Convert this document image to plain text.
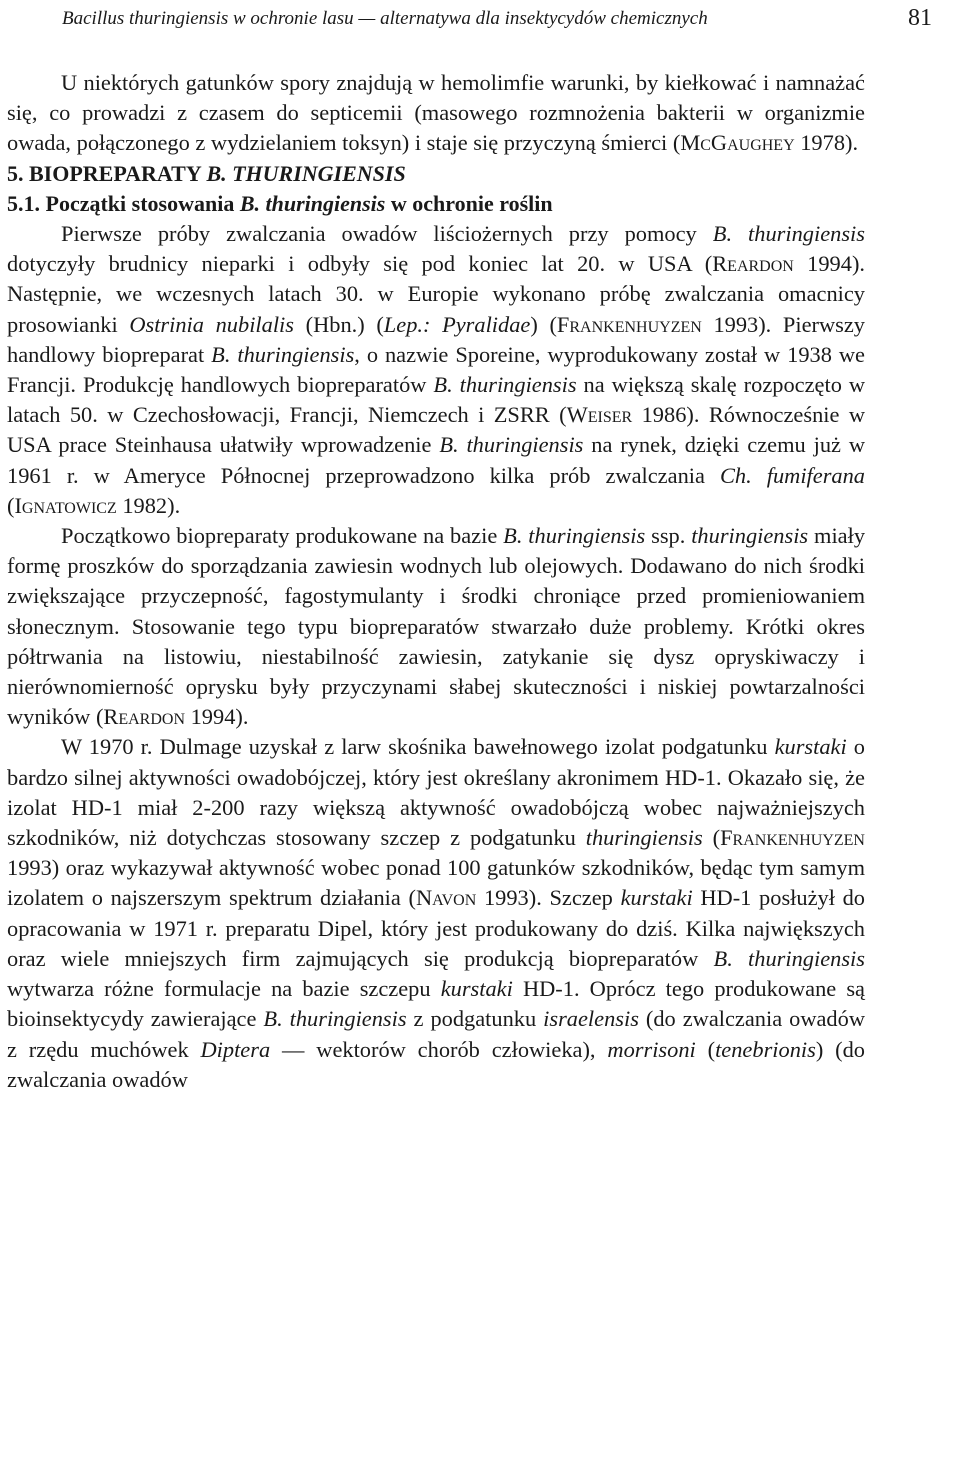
Bacillus thuringiensis w ochronie lasu — alternatywa dla insektycydów chemicznych	81

U niektórych gatunków spory znajdują w hemolimfie warunki, by kiełkować i namnażać się, co prowadzi z czasem do septicemii (masowego rozmnożenia bakterii w organizmie owada, połączonego z wydzielaniem toksyn) i staje się przyczyną śmierci (McGaughey 1978).

5. BIOPREPARATY B. THURINGIENSIS

5.1. Początki stosowania B. thuringiensis w ochronie roślin

Pierwsze próby zwalczania owadów liściożernych przy pomocy B. thuringiensis dotyczyły brudnicy nieparki i odbyły się pod koniec lat 20. w USA (Reardon 1994). Następnie, we wczesnych latach 30. w Europie wykonano próbę zwalczania omacnicy prosowianki Ostrinia nubilalis (Hbn.) (Lep.: Pyralidae) (Frankenhuyzen 1993). Pierwszy handlowy biopreparat B. thuringiensis, o nazwie Sporeine, wyprodukowany został w 1938 we Francji. Produkcję handlowych biopreparatów B. thuringiensis na większą skalę rozpoczęto w latach 50. w Czechosłowacji, Francji, Niemczech i ZSRR (Weiser 1986). Równocześnie w USA prace Steinhausa ułatwiły wprowadzenie B. thuringiensis na rynek, dzięki czemu już w 1961 r. w Ameryce Północnej przeprowadzono kilka prób zwalczania Ch. fumiferana (Ignatowicz 1982).

Początkowo biopreparaty produkowane na bazie B. thuringiensis ssp. thuringiensis miały formę proszków do sporządzania zawiesin wodnych lub olejowych. Dodawano do nich środki zwiększające przyczepność, fagostymulanty i środki chroniące przed promieniowaniem słonecznym. Stosowanie tego typu biopreparatów stwarzało duże problemy. Krótki okres półtrwania na listowiu, niestabilność zawiesin, zatykanie się dysz opryskiwaczy i nierównomierność oprysku były przyczynami słabej skuteczności i niskiej powtarzalności wyników (Reardon 1994).

W 1970 r. Dulmage uzyskał z larw skośnika bawełnowego izolat podgatunku kurstaki o bardzo silnej aktywności owadobójczej, który jest określany akronimem HD-1. Okazało się, że izolat HD-1 miał 2-200 razy większą aktywność owadobójczą wobec najważniejszych szkodników, niż dotychczas stosowany szczep z podgatunku thuringiensis (Frankenhuyzen 1993) oraz wykazywał aktywność wobec ponad 100 gatunków szkodników, będąc tym samym izolatem o najszerszym spektrum działania (Navon 1993). Szczep kurstaki HD-1 posłużył do opracowania w 1971 r. preparatu Dipel, który jest produkowany do dziś. Kilka największych oraz wiele mniejszych firm zajmujących się produkcją biopreparatów B. thuringiensis wytwarza różne formulacje na bazie szczepu kurstaki HD-1. Oprócz tego produkowane są bioinsektycydy zawierające B. thuringiensis z podgatunku israelensis (do zwalczania owadów z rzędu muchówek Diptera — wektorów chorób człowieka), morrisoni (tenebrionis) (do zwalczania owadów
